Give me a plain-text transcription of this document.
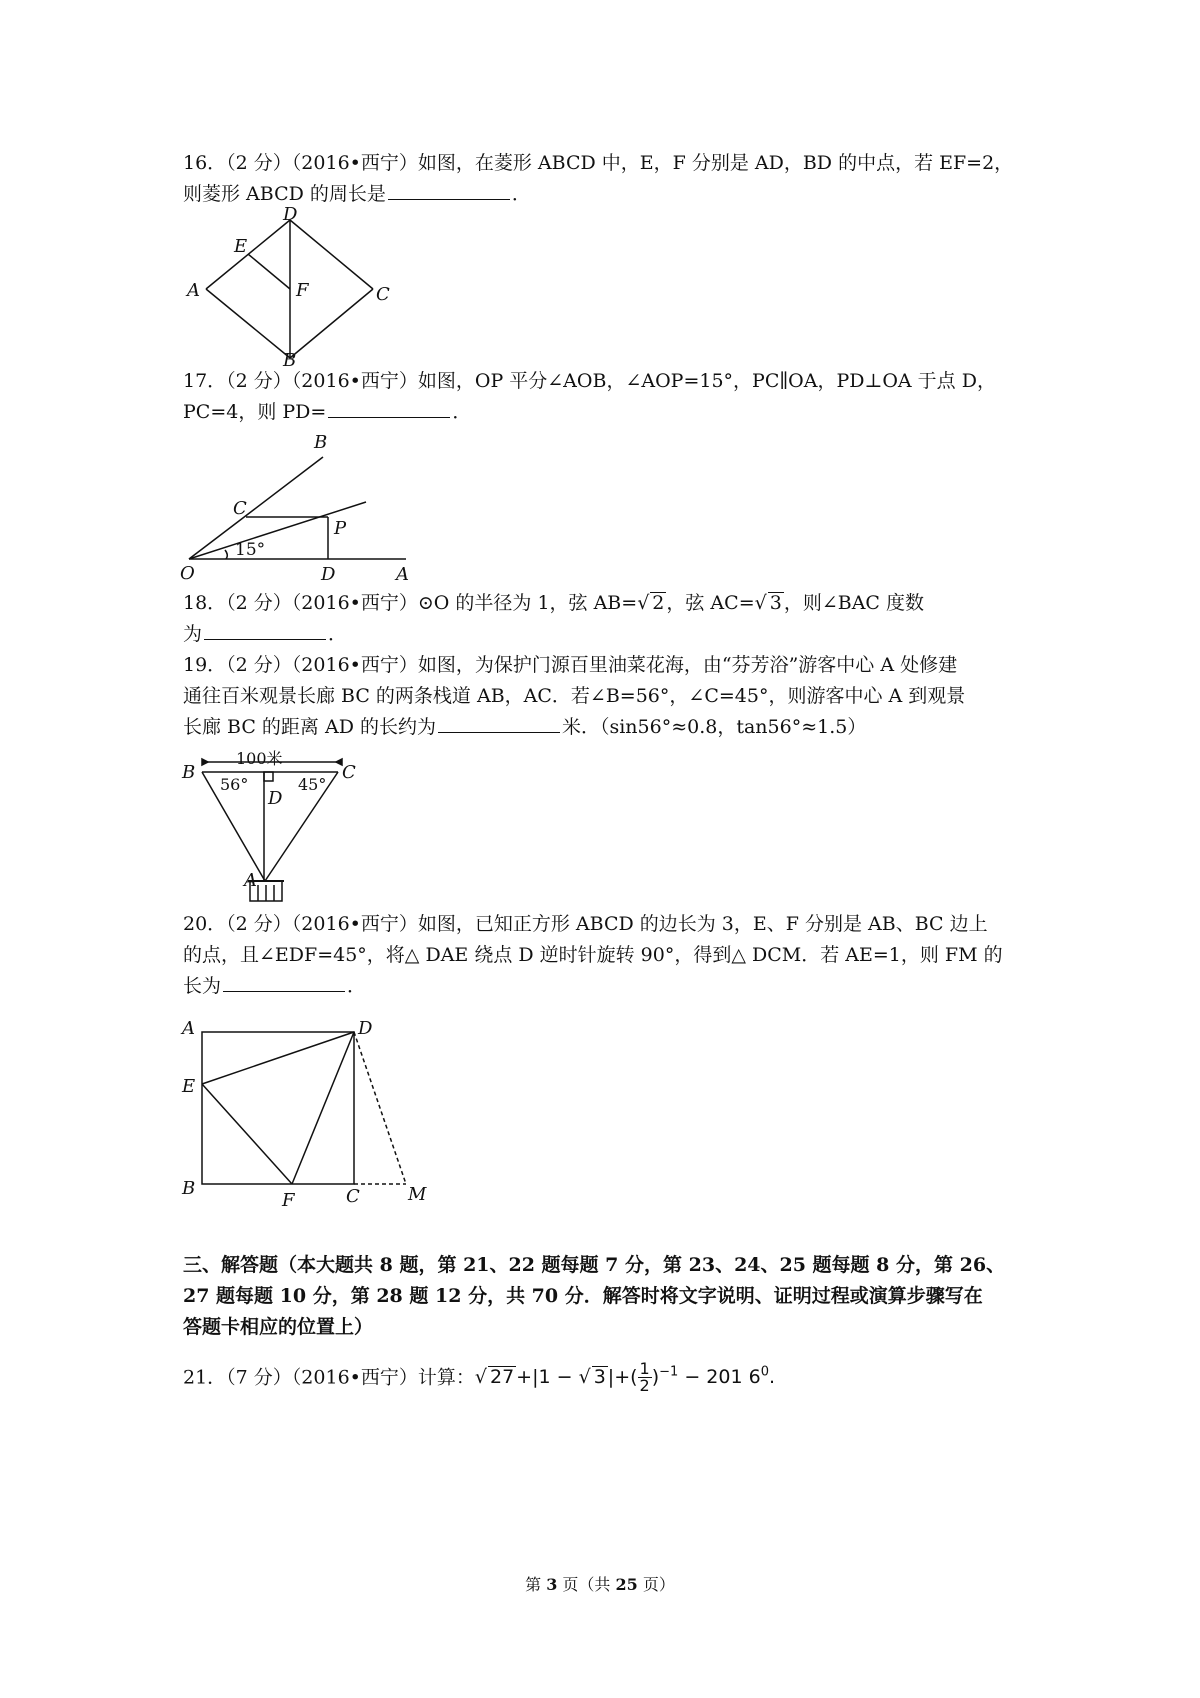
16．（2 分）（2016•西宁）如图，在菱形 ABCD 中，E，F 分别是 AD，BD 的中点，若 EF=2，
则菱形 ABCD 的周长是	．
D
E
A	F	C
B
17．（2 分）（2016•西宁）如图，OP 平分∠AOB，∠AOP=15°，PC∥OA，PD⊥OA 于点 D，
PC=4，则 PD=	．
B
C
P
15°
O	D	A
18．（2 分）（2016•西宁）⊙O 的半径为 1，弦 AB=√ 2 ，弦 AC=√ 3 ，则∠BAC 度数
为	．
19．（2 分）（2016•西宁）如图，为保护门源百里油菜花海，由“芬芳浴”游客中心 A 处修建
通往百米观景长廊 BC 的两条栈道 AB，AC．若∠B=56°，∠C=45°，则游客中心 A 到观景
长廊 BC 的距离 AD 的长约为	米．（sin56°≈0.8，tan56°≈1.5）
100米
B	C
56°	45°
D
A
20．（2 分）（2016•西宁）如图，已知正方形 ABCD 的边长为 3，E、F 分别是 AB、BC 边上
的点，且∠EDF=45°，将△ DAE 绕点 D 逆时针旋转 90°，得到△ DCM．若 AE=1，则 FM 的
长为	．
A	D
E
B
F	C	M
三、解答题（本大题共 8 题，第 21、22 题每题 7 分，第 23、24、25 题每题 8 分，第 26、
27 题每题 10 分，第 28 题 12 分，共 70 分．解答时将文字说明、证明过程或演算步骤写在
答题卡相应的位置上）
21．（7 分）（2016•西宁）计算：√ 27 +|1 − √ 3 |+( $\frac{1}{2} )^{-1} - 201$ $6^0$.
第 3 页（共 25 页）
